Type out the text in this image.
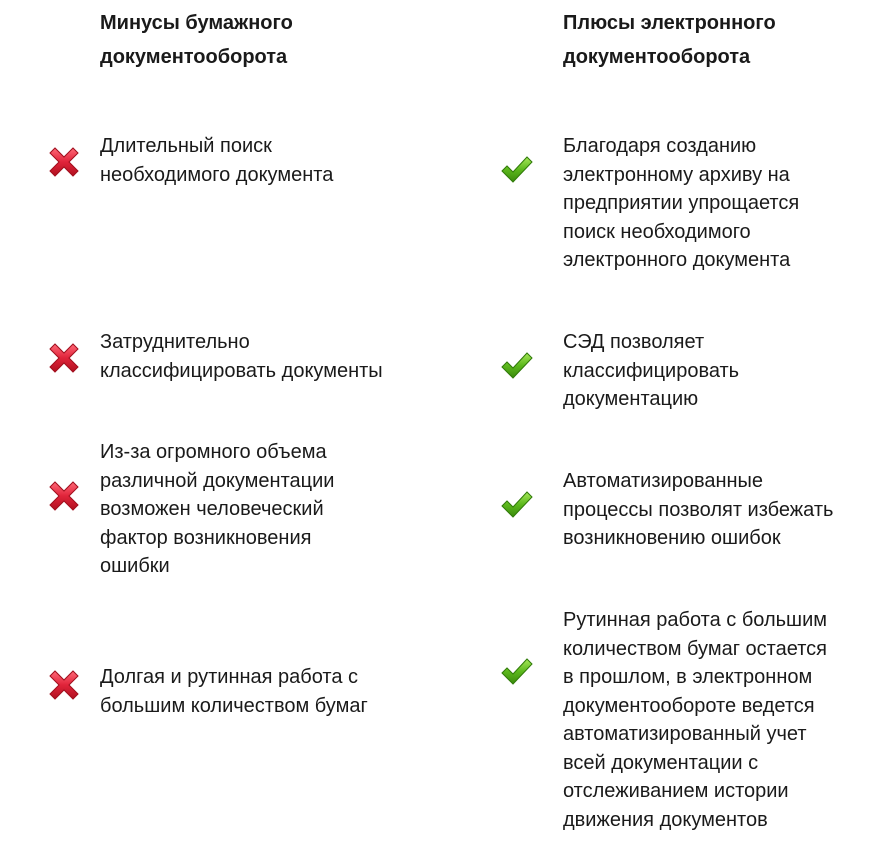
Минусы бумажного
документооборота
Длительный поиск
необходимого документа
Затруднительно
классифицировать документы
Из-за огромного объема
различной документации
возможен человеческий
фактор возникновения
ошибки
Долгая и рутинная работа с
большим количеством бумаг
Плюсы электронного
документооборота
Благодаря созданию
электронному архиву на
предприятии упрощается
поиск необходимого
электронного документа
СЭД позволяет
классифицировать
документацию
Автоматизированные
процессы позволят избежать
возникновению ошибок
Рутинная работа с большим
количеством бумаг остается
в прошлом, в электронном
документообороте ведется
автоматизированный учет
всей документации с
отслеживанием истории
движения документов
